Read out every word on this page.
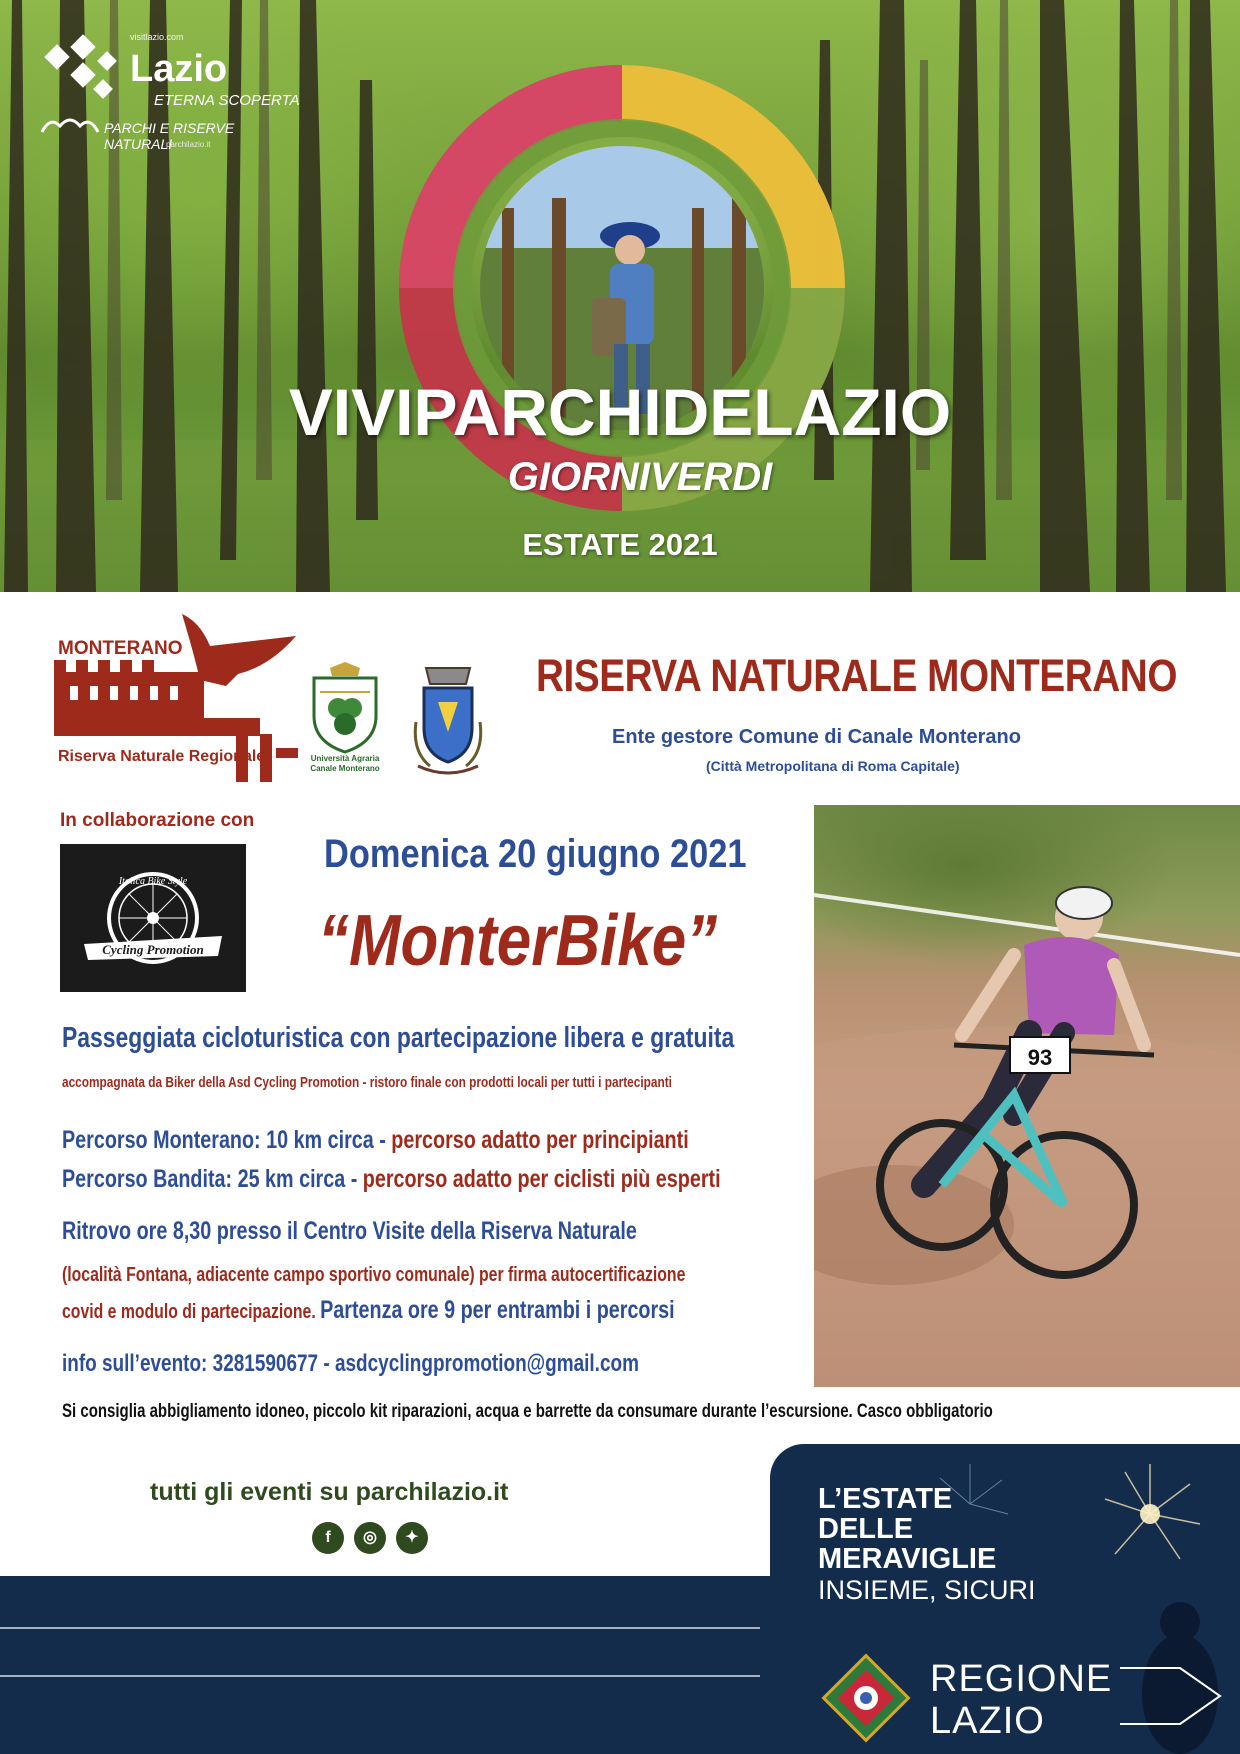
Lazio
ETERNA SCOPERTA
PARCHI E RISERVE NATURALI
parchilazio.it
visitlazio.com
VIVIPARCHIDELAZIO
GIORNIVERDI
ESTATE 2021
MONTERANO
Riserva Naturale Regionale	Università Agraria
Canale Monterano
RISERVA NATURALE MONTERANO
Ente gestore Comune di Canale Monterano
(Città Metropolitana di Roma Capitale)
In collaborazione con
Italica Bike Style
Cycling Promotion
Domenica 20 giugno 2021
“MonterBike”
Passeggiata cicloturistica con partecipazione libera e gratuita
accompagnata da Biker della Asd Cycling Promotion - ristoro finale con prodotti locali per tutti i partecipanti
Percorso Monterano: 10 km circa - percorso adatto per principianti
Percorso Bandita: 25 km circa - percorso adatto per ciclisti più esperti
Ritrovo ore 8,30 presso il Centro Visite della Riserva Naturale
(località Fontana, adiacente campo sportivo comunale) per firma autocertificazione
covid e modulo di partecipazione. Partenza ore 9 per entrambi i percorsi
info sull’evento: 3281590677 - asdcyclingpromotion@gmail.com
Si consiglia abbigliamento idoneo, piccolo kit riparazioni, acqua e barrette da consumare durante l’escursione. Casco obbligatorio
93
tutti gli eventi su parchilazio.it
f	◎	✦
L’ESTATE
DELLE
MERAVIGLIE
INSIEME, SICURI
REGIONE
LAZIO
